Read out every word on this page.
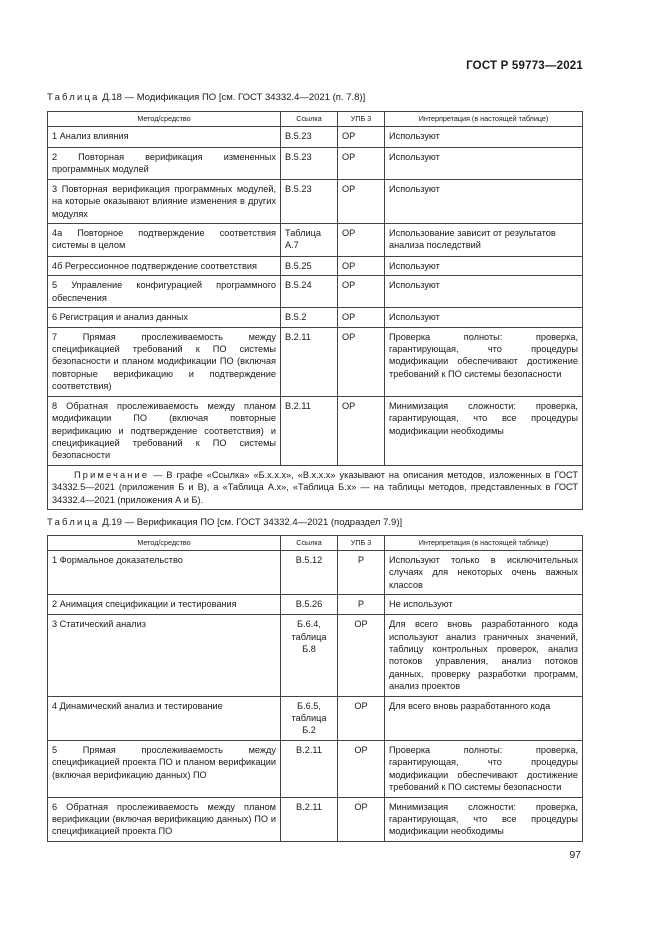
ГОСТ Р 59773—2021
Таблица Д.18 — Модификация ПО [см. ГОСТ 34332.4—2021 (п. 7.8)]
Метод/средство	Ссылка	УПБ 3	Интерпретация (в настоящей таблице)
1 Анализ влияния	B.5.23	OP	Используют
2 Повторная верификация измененных программных модулей	B.5.23	OP	Используют
3 Повторная верификация программных модулей, на которые оказывают влияние изменения в других модулях	B.5.23	OP	Используют
4а Повторное подтверждение соответствия системы в целом	Таблица А.7	OP	Использование зависит от результатов анализа последствий
4б Регрессионное подтверждение соответствия	B.5.25	OP	Используют
5 Управление конфигурацией программного обеспечения	B.5.24	OP	Используют
6 Регистрация и анализ данных	B.5.2	OP	Используют
7 Прямая прослеживаемость между спецификацией требований к ПО системы безопасности и планом модификации ПО (включая повторные верификацию и подтверждение соответствия)	B.2.11	OP	Проверка полноты: проверка, гарантирующая, что процедуры модификации обеспечивают достижение требований к ПО системы безопасности
8 Обратная прослеживаемость между планом модификации ПО (включая повторные верификацию и подтверждение соответствия) и спецификацией требований к ПО системы безопасности	B.2.11	OP	Минимизация сложности: проверка, гарантирующая, что все процедуры модификации необходимы
Примечание — В графе «Ссылка» «Б.х.х.х», «В.х.х.х» указывают на описания методов, изложенных в ГОСТ 34332.5—2021 (приложения Б и В), а «Таблица А.х», «Таблица Б.х» — на таблицы методов, представленных в ГОСТ 34332.4—2021 (приложения А и Б).			
Таблица Д.19 — Верификация ПО [см. ГОСТ 34332.4—2021 (подраздел 7.9)]
Метод/средство	Ссылка	УПБ 3	Интерпретация (в настоящей таблице)
1 Формальное доказательство	B.5.12	P	Используют только в исключительных случаях для некоторых очень важных классов
2 Анимация спецификации и тестирования	B.5.26	P	Не используют
3 Статический анализ	Б.6.4, таблица Б.8	OP	Для всего вновь разработанного кода используют анализ граничных значений, таблицу контрольных проверок, анализ потоков управления, анализ потоков данных, проверку разработки программ, анализ проектов
4 Динамический анализ и тестирование	Б.6.5, таблица Б.2	OP	Для всего вновь разработанного кода
5 Прямая прослеживаемость между спецификацией проекта ПО и планом верификации (включая верификацию данных) ПО	B.2.11	OP	Проверка полноты: проверка, гарантирующая, что процедуры модификации обеспечивают достижение требований к ПО системы безопасности
6 Обратная прослеживаемость между планом верификации (включая верификацию данных) ПО и спецификацией проекта ПО	B.2.11	OP	Минимизация сложности: проверка, гарантирующая, что все процедуры модификации необходимы
97
